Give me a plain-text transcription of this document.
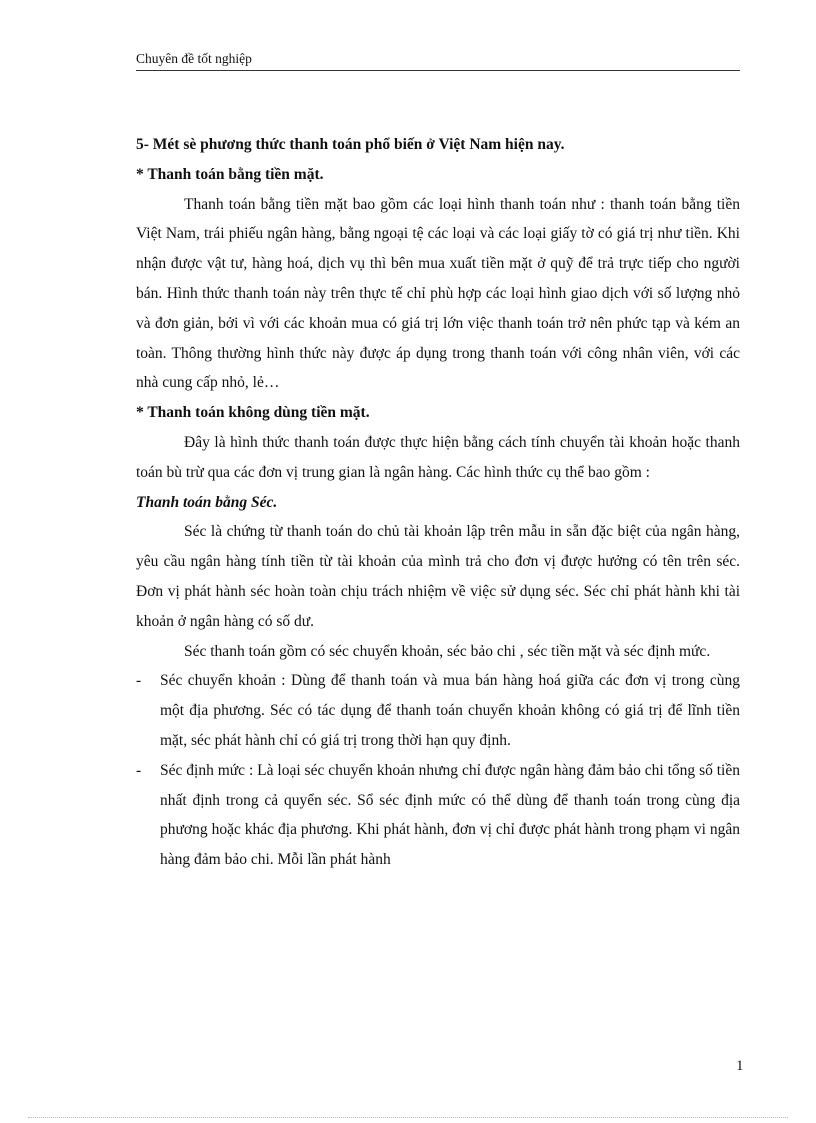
Chuyên đề tốt nghiệp

5- Mét sè phương thức thanh toán phổ biến ở Việt Nam hiện nay.

* Thanh toán bằng tiền mặt.

Thanh toán bằng tiền mặt bao gồm các loại hình thanh toán như : thanh toán bằng tiền Việt Nam, trái phiếu ngân hàng, bằng ngoại tệ các loại và các loại giấy tờ có giá trị như tiền. Khi nhận được vật tư, hàng hoá, dịch vụ thì bên mua xuất tiền mặt ở quỹ để trả trực tiếp cho người bán. Hình thức thanh toán này trên thực tế chỉ phù hợp các loại hình giao dịch với số lượng nhỏ và đơn giản, bởi vì với các khoản mua có giá trị lớn việc thanh toán trở nên phức tạp và kém an toàn. Thông thường hình thức này được áp dụng trong thanh toán với công nhân viên, với các nhà cung cấp nhỏ, lẻ…

* Thanh toán không dùng tiền mặt.

Đây là hình thức thanh toán được thực hiện bằng cách tính chuyển tài khoản hoặc thanh toán bù trừ qua các đơn vị trung gian là ngân hàng. Các hình thức cụ thể bao gồm :

Thanh toán bằng Séc.

Séc là chứng từ thanh toán do chủ tài khoản lập trên mẫu in sẵn đặc biệt của ngân hàng, yêu cầu ngân hàng tính tiền từ tài khoản của mình trả cho đơn vị được hưởng có tên trên séc. Đơn vị phát hành séc hoàn toàn chịu trách nhiệm về việc sử dụng séc. Séc chỉ phát hành khi tài khoản ở ngân hàng có số dư.

Séc thanh toán gồm có séc chuyển khoản, séc bảo chi , séc tiền mặt và séc định mức.

- Séc chuyển khoản : Dùng để thanh toán và mua bán hàng hoá giữa các đơn vị trong cùng một địa phương. Séc có tác dụng để thanh toán chuyển khoản không có giá trị để lĩnh tiền mặt, séc phát hành chỉ có giá trị trong thời hạn quy định.
- Séc định mức : Là loại séc chuyển khoản nhưng chỉ được ngân hàng đảm bảo chi tổng số tiền nhất định trong cả quyển séc. Sổ séc định mức có thể dùng để thanh toán trong cùng địa phương hoặc khác địa phương. Khi phát hành, đơn vị chỉ được phát hành trong phạm vi ngân hàng đảm bảo chi. Mỗi lần phát hành
1
